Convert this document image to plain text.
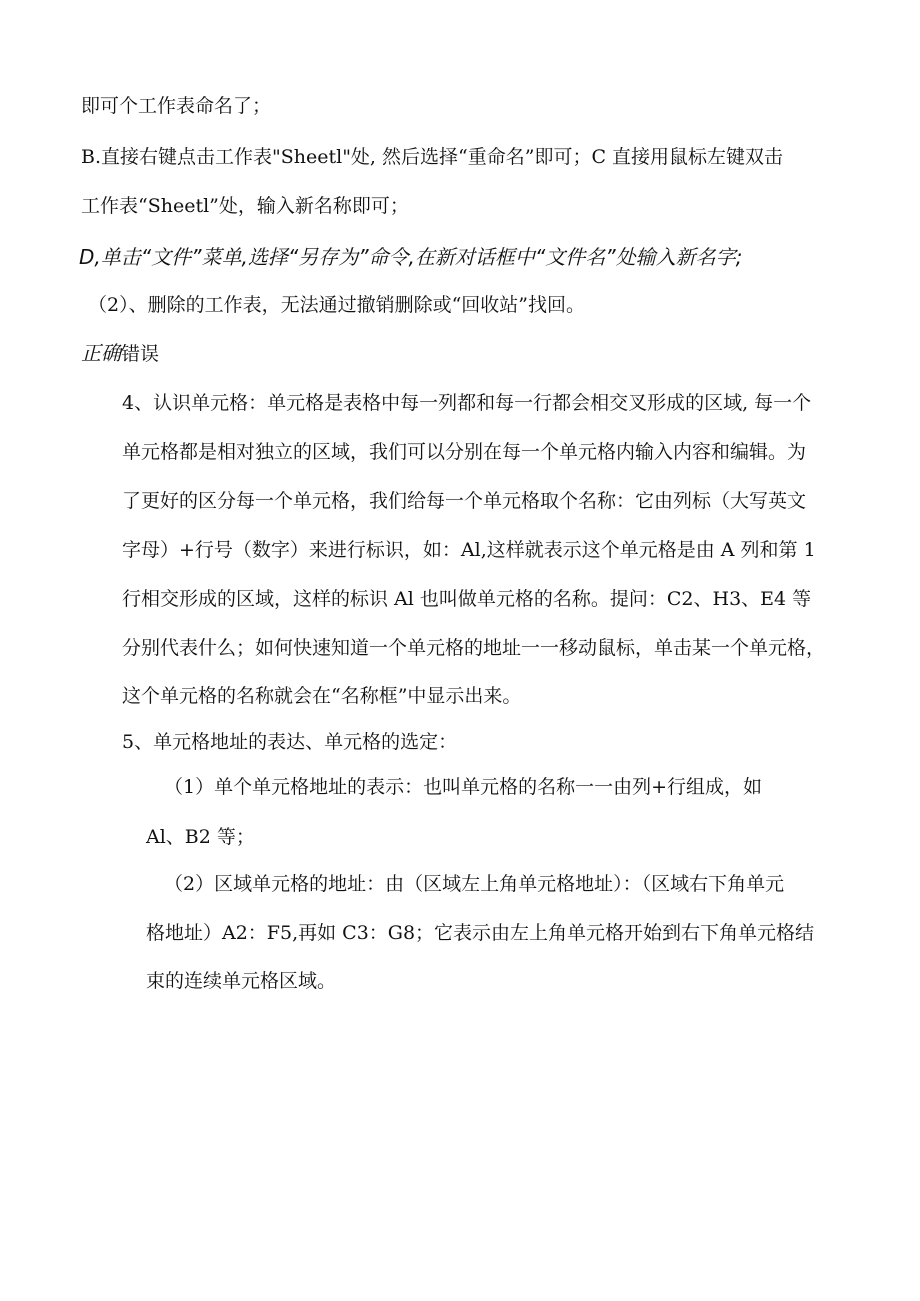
即可个工作表命名了；
B.直接右键点击工作表"Sheetl"处, 然后选择“重命名”即可；C 直接用鼠标左键双击
工作表“Sheetl”处，输入新名称即可；
D,单击“文件”菜单,选择“另存为”命令,在新对话框中“文件名”处输入新名字;
（2）、删除的工作表，无法通过撤销删除或“回收站”找回。
正确错误
4、认识单元格：单元格是表格中每一列都和每一行都会相交叉形成的区域, 每一个
单元格都是相对独立的区域，我们可以分别在每一个单元格内输入内容和编辑。为
了更好的区分每一个单元格，我们给每一个单元格取个名称：它由列标（大写英文
字母）+行号（数字）来进行标识，如：Al,这样就表示这个单元格是由 A 列和第 1
行相交形成的区域，这样的标识 Al 也叫做单元格的名称。提问：C2、H3、E4 等
分别代表什么；如何快速知道一个单元格的地址一一移动鼠标，单击某一个单元格，
这个单元格的名称就会在“名称框”中显示出来。
5、单元格地址的表达、单元格的选定：
（1）单个单元格地址的表示：也叫单元格的名称一一由列+行组成，如
Al、B2 等；
（2）区域单元格的地址：由（区域左上角单元格地址）：（区域右下角单元
格地址）A2：F5,再如 C3：G8；它表示由左上角单元格开始到右下角单元格结
束的连续单元格区域。
